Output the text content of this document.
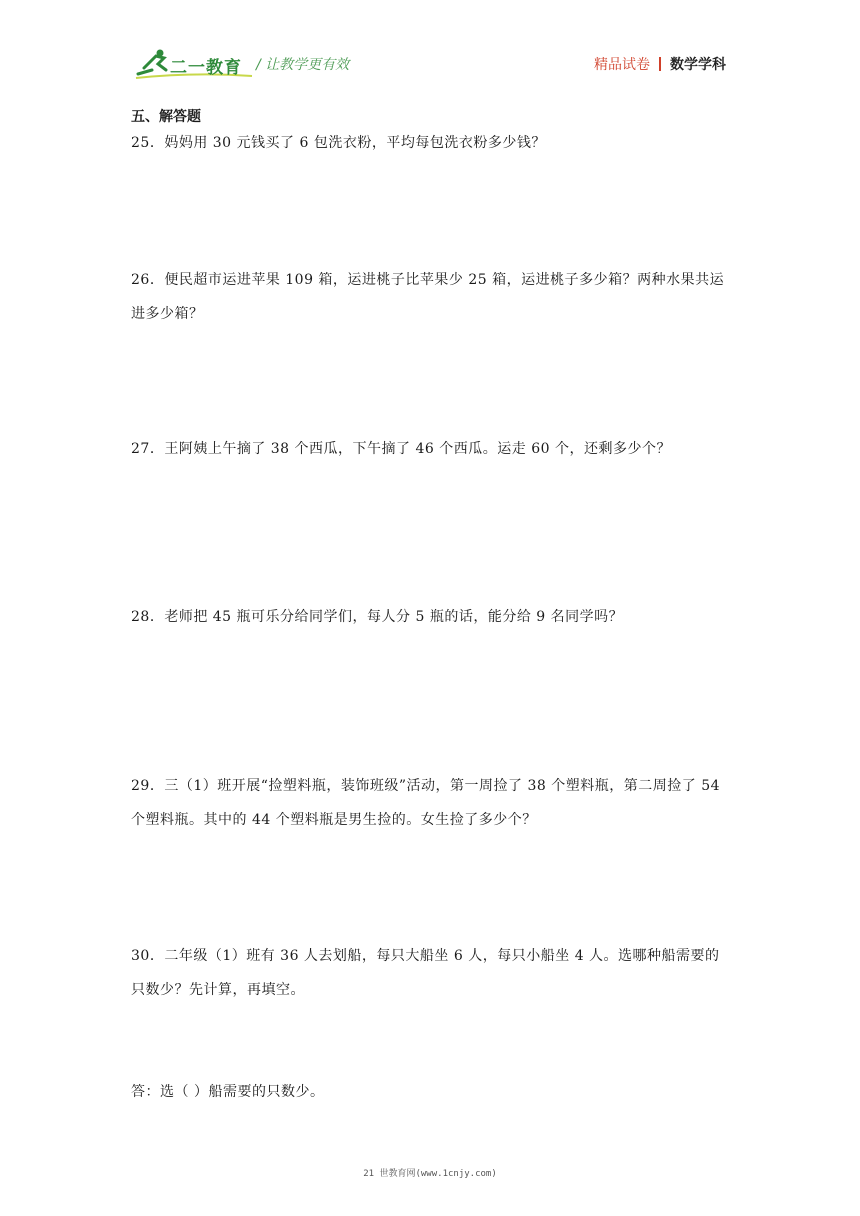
二一教育 / 让教学更有效	精品试卷 数学学科
五、解答题
25．妈妈用 30 元钱买了 6 包洗衣粉，平均每包洗衣粉多少钱？
26．便民超市运进苹果 109 箱，运进桃子比苹果少 25 箱，运进桃子多少箱？两种水果共运进多少箱？
27．王阿姨上午摘了 38 个西瓜，下午摘了 46 个西瓜。运走 60 个，还剩多少个？
28．老师把 45 瓶可乐分给同学们，每人分 5 瓶的话，能分给 9 名同学吗？
29．三（1）班开展“捡塑料瓶，装饰班级”活动，第一周捡了 38 个塑料瓶，第二周捡了 54 个塑料瓶。其中的 44 个塑料瓶是男生捡的。女生捡了多少个？
30．二年级（1）班有 36 人去划船，每只大船坐 6 人，每只小船坐 4 人。选哪种船需要的只数少？先计算，再填空。
答：选（ ）船需要的只数少。
21 世教育网(www.1cnjy.com)
